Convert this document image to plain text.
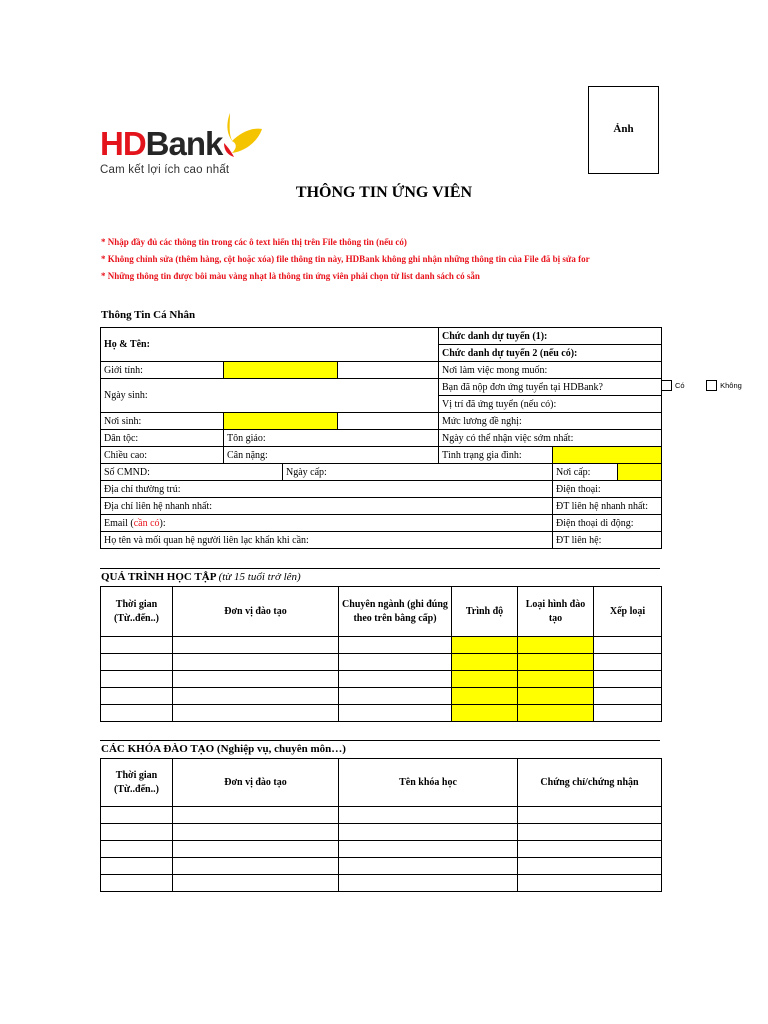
Ảnh
HDBank
Cam kết lợi ích cao nhất
THÔNG TIN ỨNG VIÊN
* Nhập đầy đủ các thông tin trong các ô text hiển thị trên File thông tin (nếu có)
* Không chỉnh sửa (thêm hàng, cột hoặc xóa) file thông tin này, HDBank không ghi nhận những thông tin của File đã bị sửa for
* Những thông tin được bôi màu vàng nhạt là thông tin ứng viên phải chọn từ list danh sách có sẵn
Thông Tin Cá Nhân
Họ & Tên:				Chức danh dự tuyển (1):		
				Chức danh dự tuyển 2 (nếu có):		
Giới tính:				Nơi làm việc mong muốn:		
Ngày sinh:				Bạn đã nộp đơn ứng tuyển tại HDBank? Có Không		

				Vị trí đã ứng tuyển (nếu có):		
Nơi sinh:				Mức lương đề nghị:		
Dân tộc:	Tôn giáo:			Ngày có thể nhận việc sớm nhất:		
Chiều cao:	Cân nặng:			Tình trạng gia đình:		
Số CMND:		Ngày cấp:			Nơi cấp:	
Địa chỉ thường trú:					Điện thoại:	
Địa chỉ liên hệ nhanh nhất:					ĐT liên hệ nhanh nhất:	
Email (cần có):					Điện thoại di động:	
Họ tên và mối quan hệ người liên lạc khẩn khi cần:					ĐT liên hệ:	
QUÁ TRÌNH HỌC TẬP (từ 15 tuổi trở lên)
Thời gian (Từ..đến..)	Đơn vị đào tạo	Chuyên ngành (ghi đúng theo trên bằng cấp)	Trình độ	Loại hình đào tạo	Xếp loại

CÁC KHÓA ĐÀO TẠO (Nghiệp vụ, chuyên môn…)
Thời gian (Từ..đến..)	Đơn vị đào tạo	Tên khóa học	Chứng chỉ/chứng nhận
